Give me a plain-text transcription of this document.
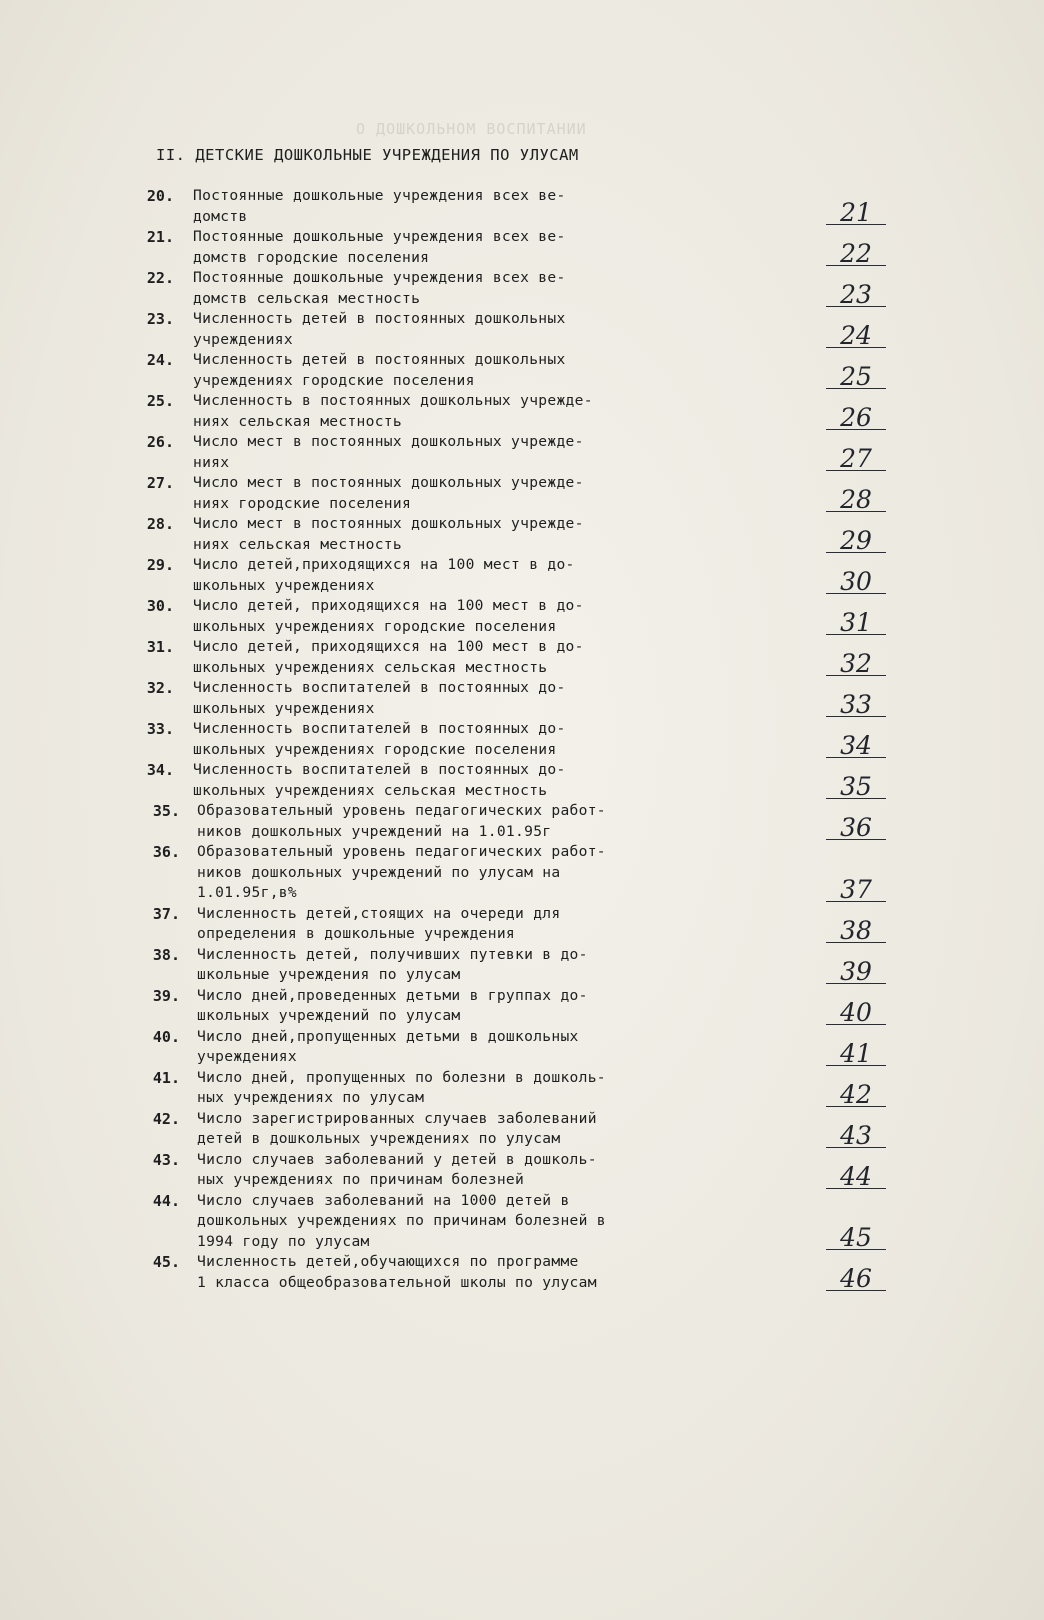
О ДОШКОЛЬНОМ ВОСПИТАНИИ
II. ДЕТСКИЕ ДОШКОЛЬНЫЕ УЧРЕЖДЕНИЯ ПО УЛУСАМ
20. Постоянные дошкольные учреждения всех ве-
домств	21
21. Постоянные дошкольные учреждения всех ве-
домств городские поселения	22
22. Постоянные дошкольные учреждения всех ве-
домств сельская местность	23
23. Численность детей в постоянных дошкольных
учреждениях	24
24. Численность детей в постоянных дошкольных
учреждениях городские поселения	25
25. Численность в постоянных дошкольных учрежде-
ниях сельская местность	26
26. Число мест в постоянных дошкольных учрежде-
ниях	27
27. Число мест в постоянных дошкольных учрежде-
ниях городские поселения	28
28. Число мест в постоянных дошкольных учрежде-
ниях сельская местность	29
29. Число детей,приходящихся на 100 мест в до-
школьных учреждениях	30
30. Число детей, приходящихся на 100 мест в до-
школьных учреждениях городские поселения	31
31. Число детей, приходящихся на 100 мест в до-
школьных учреждениях сельская местность	32
32. Численность воспитателей в постоянных до-
школьных учреждениях	33
33. Численность воспитателей в постоянных до-
школьных учреждениях городские поселения	34
34. Численность воспитателей в постоянных до-
школьных учреждениях сельская местность	35
35. Образовательный уровень педагогических работ-
ников дошкольных учреждений на 1.01.95г	36
36. Образовательный уровень педагогических работ-
ников дошкольных учреждений по улусам на
1.01.95г,в%	37
37. Численность детей,стоящих на очереди для
определения в дошкольные учреждения	38
38. Численность детей, получивших путевки в до-
школьные учреждения по улусам	39
39. Число дней,проведенных детьми в группах до-
школьных учреждений по улусам	40
40. Число дней,пропущенных детьми в дошкольных
учреждениях	41
41. Число дней, пропущенных по болезни в дошколь-
ных учреждениях по улусам	42
42. Число зарегистрированных случаев заболеваний
детей в дошкольных учреждениях по улусам	43
43. Число случаев заболеваний у детей в дошколь-
ных учреждениях по причинам болезней	44
44. Число случаев заболеваний на 1000 детей в
дошкольных учреждениях по причинам болезней в
1994 году по улусам	45
45. Численность детей,обучающихся по программе
1 класса общеобразовательной школы по улусам	46
